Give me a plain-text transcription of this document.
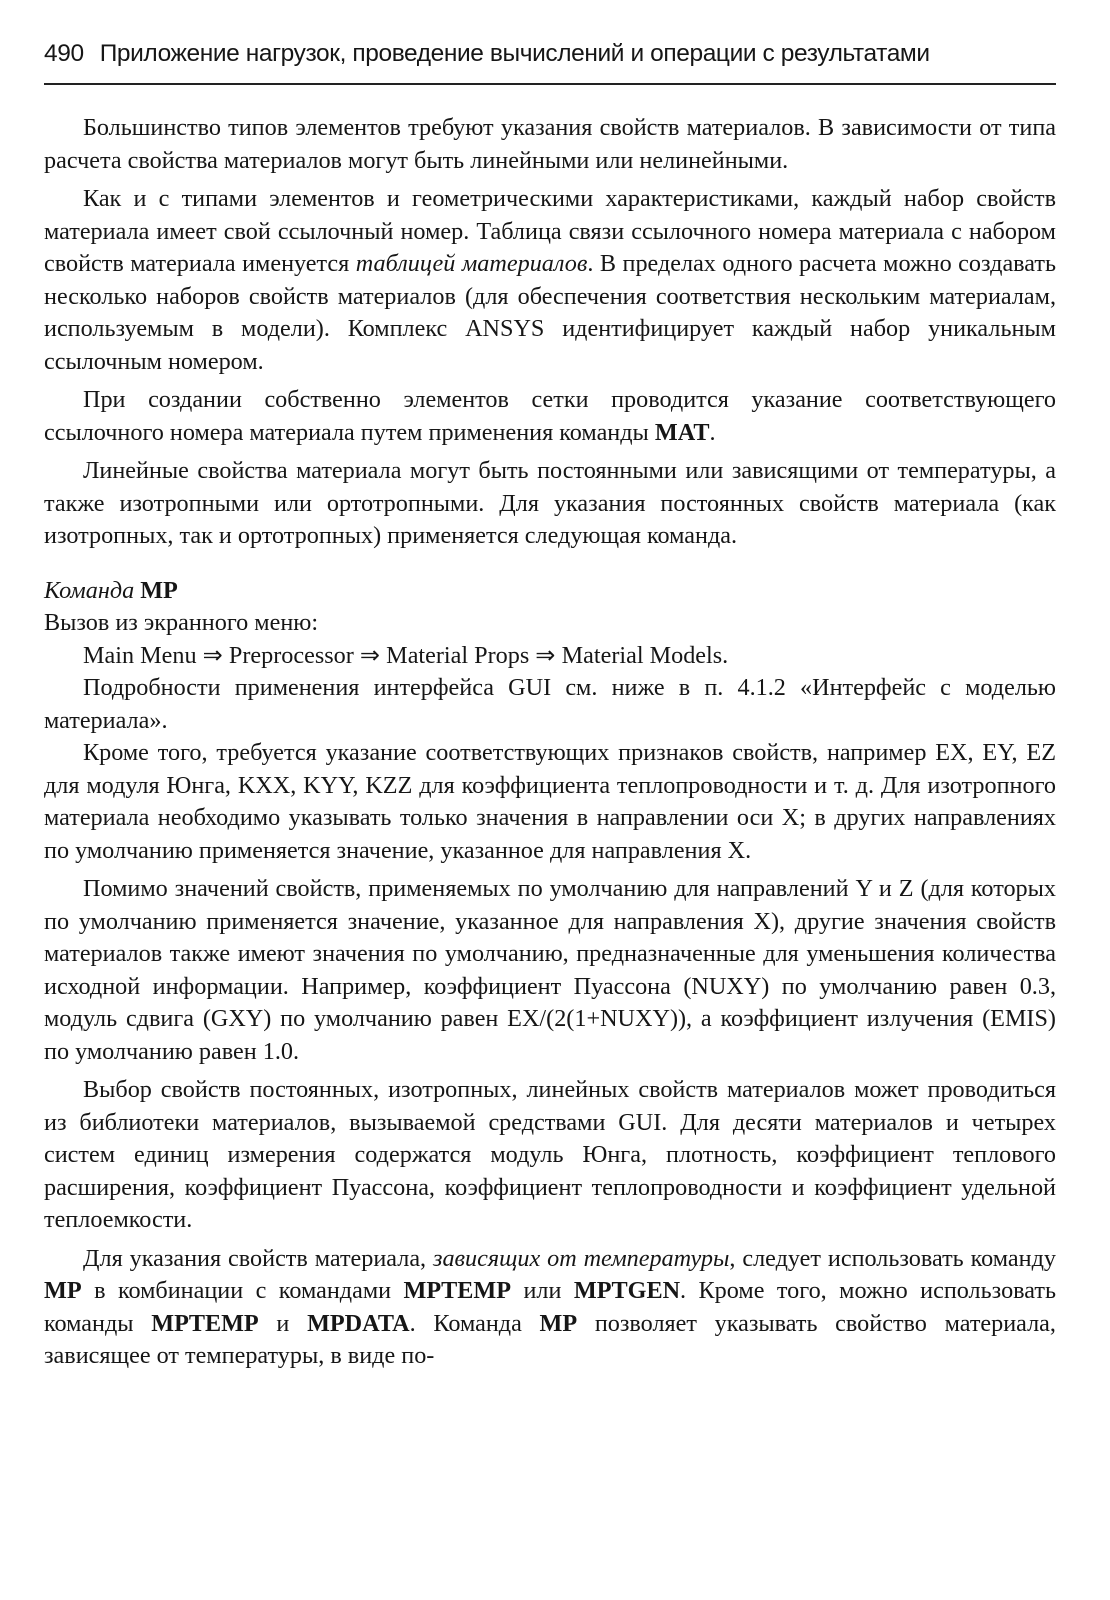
490 Приложение нагрузок, проведение вычислений и операции с результатами

Большинство типов элементов требуют указания свойств материалов. В зависимости от типа расчета свойства материалов могут быть линейными или нелинейными.

Как и с типами элементов и геометрическими характеристиками, каждый набор свойств материала имеет свой ссылочный номер. Таблица связи ссылочного номера материала с набором свойств материала именуется таблицей материалов. В пределах одного расчета можно создавать несколько наборов свойств материалов (для обеспечения соответствия нескольким материалам, используемым в модели). Комплекс ANSYS идентифицирует каждый набор уникальным ссылочным номером.

При создании собственно элементов сетки проводится указание соответствующего ссылочного номера материала путем применения команды MAT.

Линейные свойства материала могут быть постоянными или зависящими от температуры, а также изотропными или ортотропными. Для указания постоянных свойств материала (как изотропных, так и ортотропных) применяется следующая команда.

Команда MP

Вызов из экранного меню:

Main Menu ⇒ Preprocessor ⇒ Material Props ⇒ Material Models.

Подробности применения интерфейса GUI см. ниже в п. 4.1.2 «Интерфейс с моделью материала».

Кроме того, требуется указание соответствующих признаков свойств, например EX, EY, EZ для модуля Юнга, KXX, KYY, KZZ для коэффициента теплопроводности и т. д. Для изотропного материала необходимо указывать только значения в направлении оси X; в других направлениях по умолчанию применяется значение, указанное для направления X.

Помимо значений свойств, применяемых по умолчанию для направлений Y и Z (для которых по умолчанию применяется значение, указанное для направления X), другие значения свойств материалов также имеют значения по умолчанию, предназначенные для уменьшения количества исходной информации. Например, коэффициент Пуассона (NUXY) по умолчанию равен 0.3, модуль сдвига (GXY) по умолчанию равен EX/(2(1+NUXY)), а коэффициент излучения (EMIS) по умолчанию равен 1.0.

Выбор свойств постоянных, изотропных, линейных свойств материалов может проводиться из библиотеки материалов, вызываемой средствами GUI. Для десяти материалов и четырех систем единиц измерения содержатся модуль Юнга, плотность, коэффициент теплового расширения, коэффициент Пуассона, коэффициент теплопроводности и коэффициент удельной теплоемкости.

Для указания свойств материала, зависящих от температуры, следует использовать команду MP в комбинации с командами MPTEMP или MPTGEN. Кроме того, можно использовать команды MPTEMP и MPDATA. Команда MP позволяет указывать свойство материала, зависящее от температуры, в виде по-
